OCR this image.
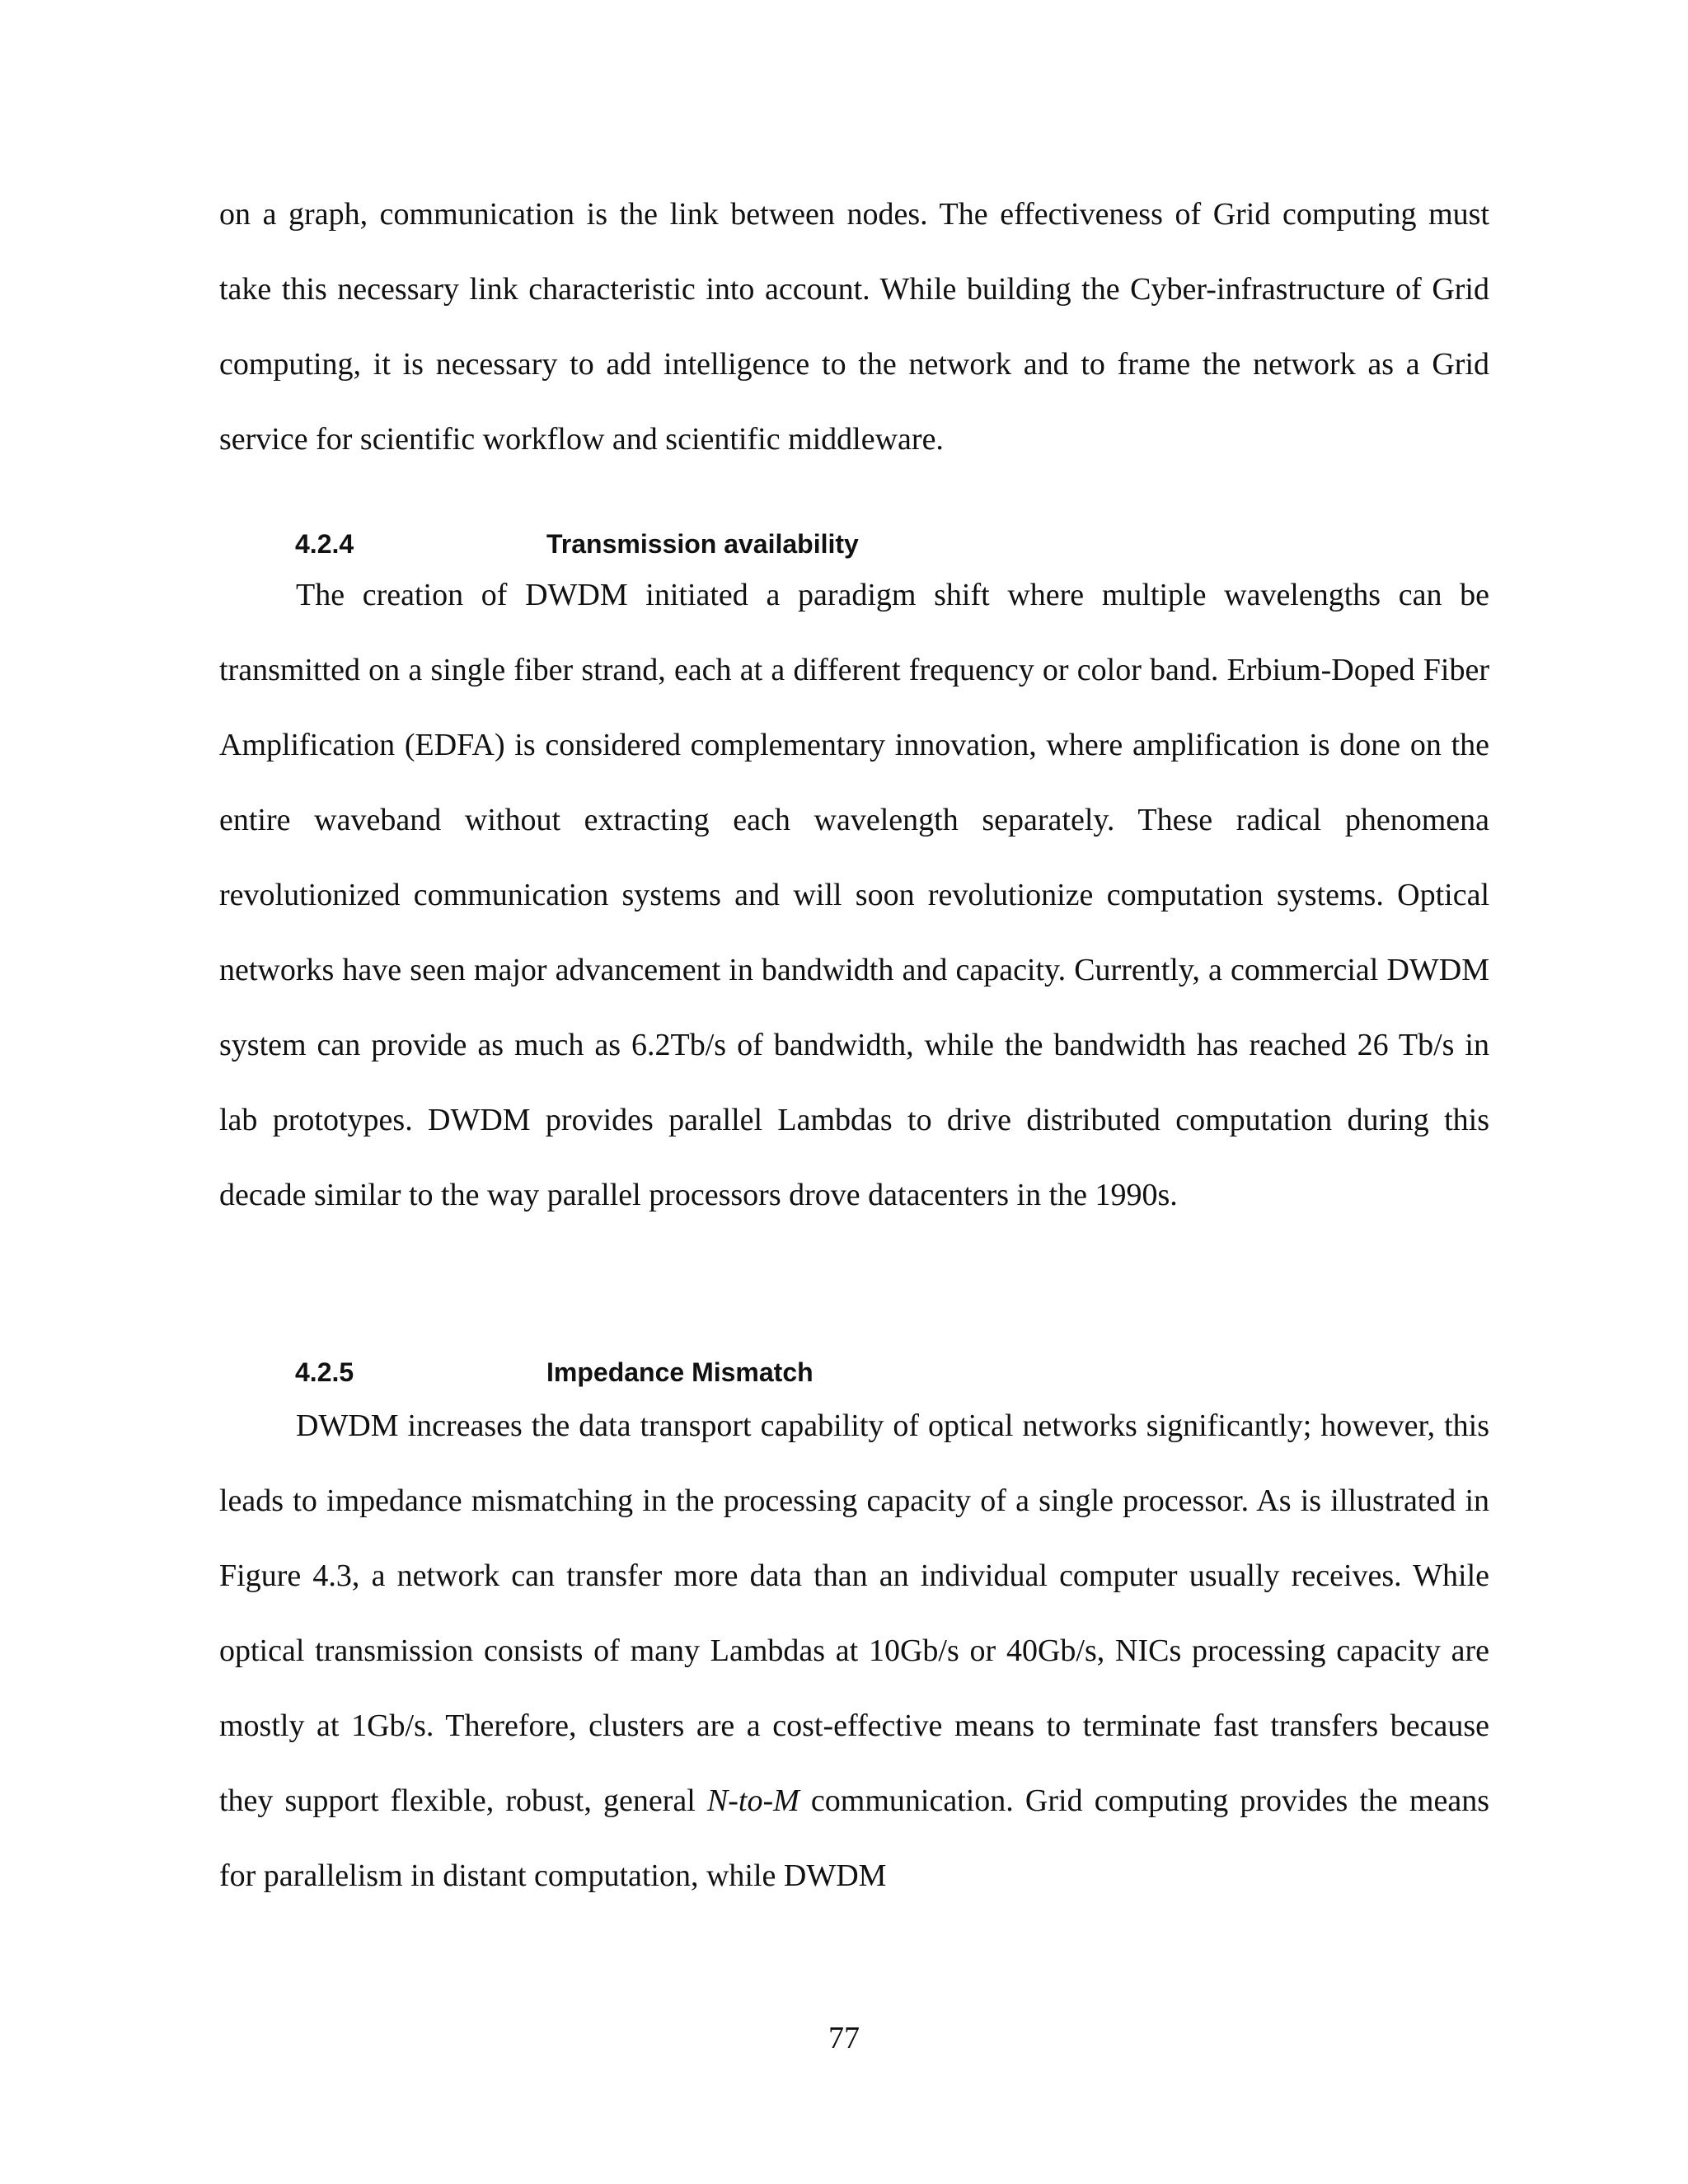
on a graph, communication is the link between nodes. The effectiveness of Grid computing must take this necessary link characteristic into account. While building the Cyber-infrastructure of Grid computing, it is necessary to add intelligence to the network and to frame the network as a Grid service for scientific workflow and scientific middleware.

4.2.4	Transmission availability

The creation of DWDM initiated a paradigm shift where multiple wavelengths can be transmitted on a single fiber strand, each at a different frequency or color band. Erbium-Doped Fiber Amplification (EDFA) is considered complementary innovation, where amplification is done on the entire waveband without extracting each wavelength separately. These radical phenomena revolutionized communication systems and will soon revolutionize computation systems. Optical networks have seen major advancement in bandwidth and capacity. Currently, a commercial DWDM system can provide as much as 6.2Tb/s of bandwidth, while the bandwidth has reached 26 Tb/s in lab prototypes. DWDM provides parallel Lambdas to drive distributed computation during this decade similar to the way parallel processors drove datacenters in the 1990s.

4.2.5	Impedance Mismatch

DWDM increases the data transport capability of optical networks significantly; however, this leads to impedance mismatching in the processing capacity of a single processor. As is illustrated in Figure 4.3, a network can transfer more data than an individual computer usually receives. While optical transmission consists of many Lambdas at 10Gb/s or 40Gb/s, NICs processing capacity are mostly at 1Gb/s. Therefore, clusters are a cost-effective means to terminate fast transfers because they support flexible, robust, general N-to-M communication. Grid computing provides the means for parallelism in distant computation, while DWDM

77
